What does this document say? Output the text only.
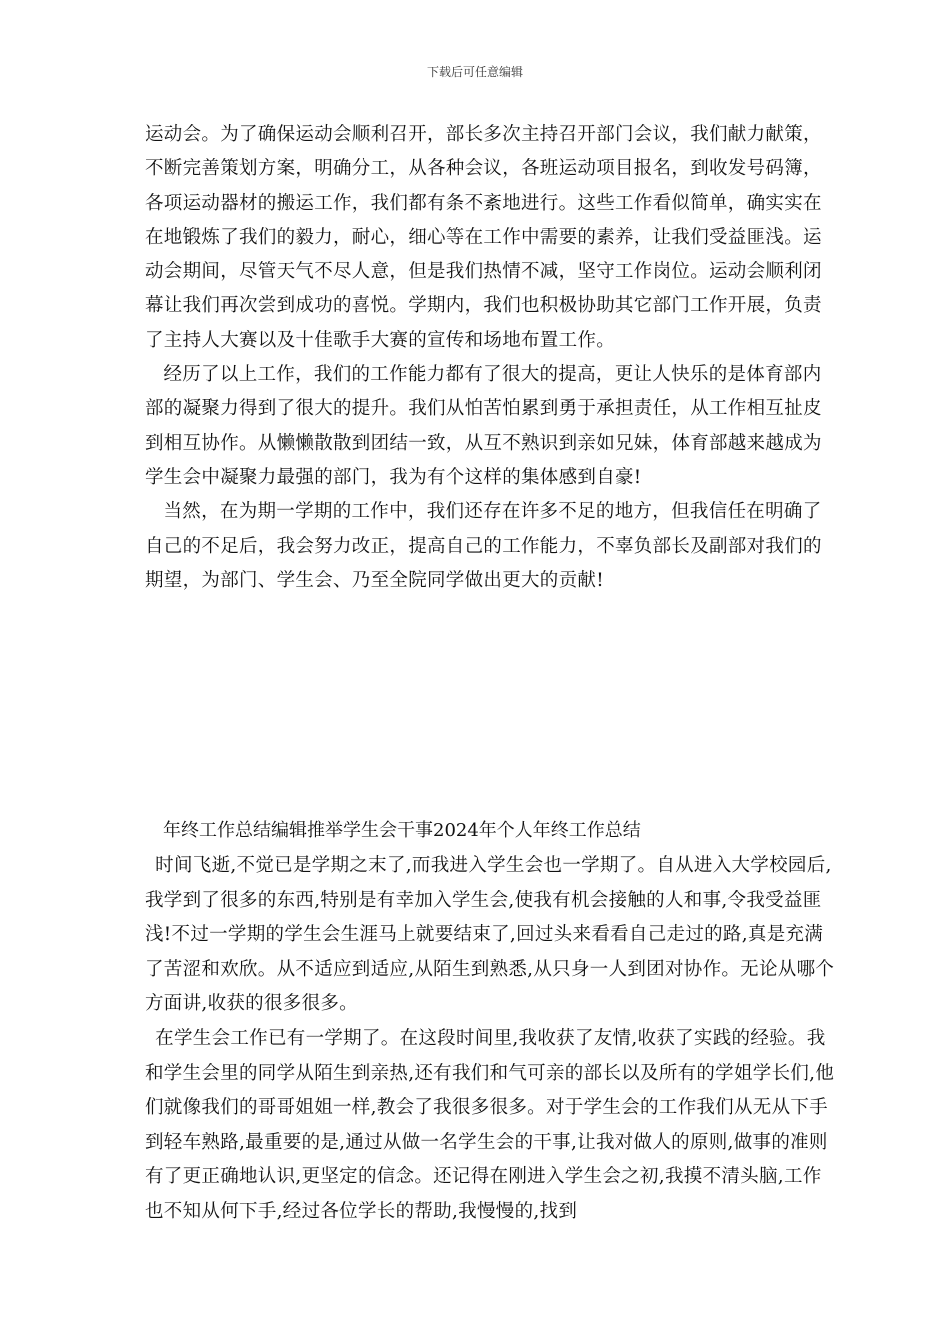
下载后可任意编辑

运动会。为了确保运动会顺利召开，部长多次主持召开部门会议，我们献力献策，不断完善策划方案，明确分工，从各种会议，各班运动项目报名，到收发号码簿，各项运动器材的搬运工作，我们都有条不紊地进行。这些工作看似简单，确实实在在地锻炼了我们的毅力，耐心，细心等在工作中需要的素养，让我们受益匪浅。运动会期间，尽管天气不尽人意，但是我们热情不减，坚守工作岗位。运动会顺利闭幕让我们再次尝到成功的喜悦。学期内，我们也积极协助其它部门工作开展，负责了主持人大赛以及十佳歌手大赛的宣传和场地布置工作。

经历了以上工作，我们的工作能力都有了很大的提高，更让人快乐的是体育部内部的凝聚力得到了很大的提升。我们从怕苦怕累到勇于承担责任，从工作相互扯皮到相互协作。从懒懒散散到团结一致，从互不熟识到亲如兄妹，体育部越来越成为学生会中凝聚力最强的部门，我为有个这样的集体感到自豪!

当然，在为期一学期的工作中，我们还存在许多不足的地方，但我信任在明确了自己的不足后，我会努力改正，提高自己的工作能力，不辜负部长及副部对我们的期望，为部门、学生会、乃至全院同学做出更大的贡献!

年终工作总结编辑推举学生会干事2024年个人年终工作总结

时间飞逝,不觉已是学期之末了,而我进入学生会也一学期了。自从进入大学校园后,我学到了很多的东西,特别是有幸加入学生会,使我有机会接触的人和事,令我受益匪浅!不过一学期的学生会生涯马上就要结束了,回过头来看看自己走过的路,真是充满了苦涩和欢欣。从不适应到适应,从陌生到熟悉,从只身一人到团对协作。无论从哪个方面讲,收获的很多很多。

在学生会工作已有一学期了。在这段时间里,我收获了友情,收获了实践的经验。我和学生会里的同学从陌生到亲热,还有我们和气可亲的部长以及所有的学姐学长们,他们就像我们的哥哥姐姐一样,教会了我很多很多。对于学生会的工作我们从无从下手到轻车熟路,最重要的是,通过从做一名学生会的干事,让我对做人的原则,做事的准则有了更正确地认识,更坚定的信念。还记得在刚进入学生会之初,我摸不清头脑,工作也不知从何下手,经过各位学长的帮助,我慢慢的,找到
